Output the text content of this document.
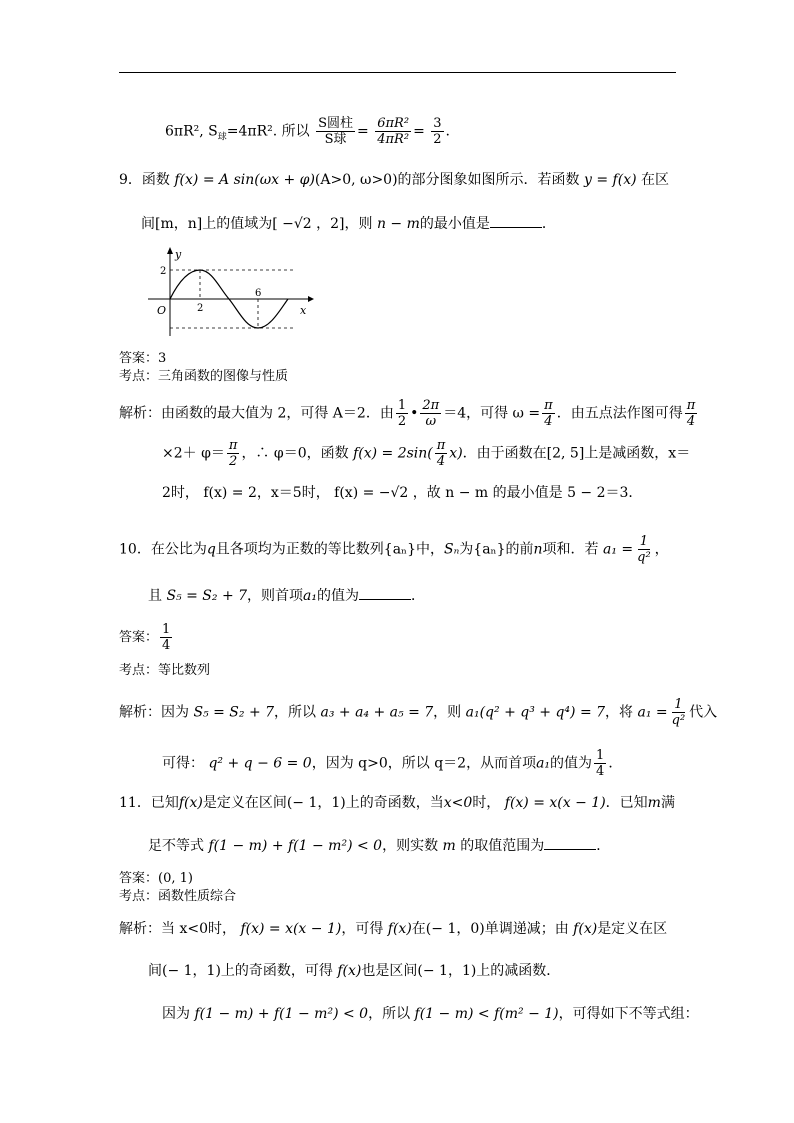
6πR², $S_球=4\pi R^2$. 所以 $\frac{\text{S圆柱}}{\text{S球}} = \frac{\text{6πR²}}{\text{4πR²}} = \frac{3}{2}$ .
9．函数 f(x) = A sin(ωx + φ)(A>0, ω>0)的部分图象如图所示．若函数 y = f(x) 在区
间[m，n]上的值域为[ −√2 ，2]，则 n − m的最小值是	．
y
x
O
2
2
6
答案：3
考点：三角函数的图像与性质
解析：由函数的最大值为 2，可得 A＝2．由 $\frac{1}{2}$ • $\frac{2\pi}{\omega} =4$，可得 $\omega = \frac{\pi}{4}$ ．由五点法作图可得 $\frac{\pi}{4}$
$\times 2+ \varphi= \frac{\pi}{2}$ ，∴ φ＝0，函数 $f(x) = 2\sin( \frac{\pi}{4} x)$．由于函数在[2, 5]上是减函数，x＝
2时， f(x) = 2，x＝5时， f(x) = −√2 ，故 n − m 的最小值是 5 − 2＝3．
10．在公比为q且各项均为正数的等比数列{aₙ}中，Sₙ为{aₙ}的前n项和．若 $a_1 = \frac{1}{\text{q²}}$ ，
且 S₅ = S₂ + 7，则首项a₁的值为	．
答案： $\frac{1}{4}$
考点：等比数列
解析：因为 S₅ = S₂ + 7，所以 a₃ + a₄ + a₅ = 7，则 a₁(q² + q³ + q⁴) = 7，将 $a_1 = \frac{1}{\text{q²}}$ 代入
可得： q² + q − 6 = 0，因为 q>0，所以 q＝2，从而首项a₁的值为 $\frac{1}{4}$ ．
11．已知f(x)是定义在区间(− 1，1)上的奇函数，当x<0时， f(x) = x(x − 1)．已知m满
足不等式 f(1 − m) + f(1 − m²) < 0，则实数 m 的取值范围为	．
答案：(0, 1)
考点：函数性质综合
解析：当 x<0时， f(x) = x(x − 1)，可得 f(x)在(− 1，0)单调递减；由 f(x)是定义在区
间(− 1，1)上的奇函数，可得 f(x)也是区间(− 1，1)上的减函数．
因为 f(1 − m) + f(1 − m²) < 0，所以 f(1 − m) < f(m² − 1)，可得如下不等式组：
